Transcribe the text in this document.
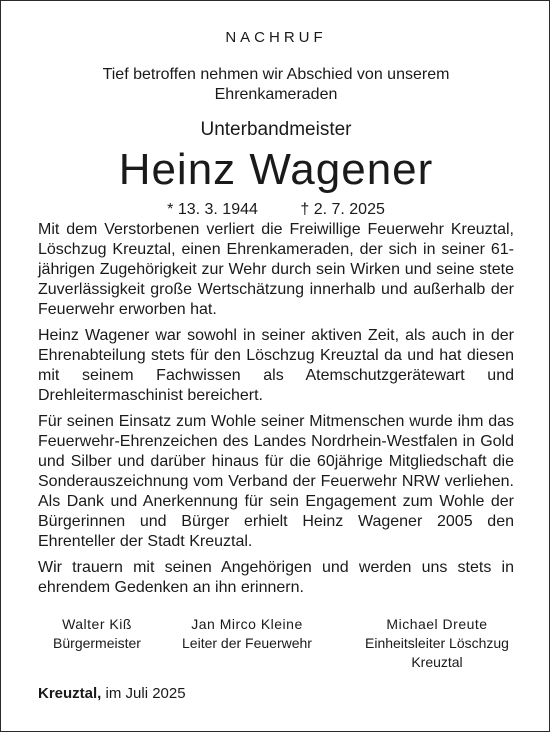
NACHRUF
Tief betroffen nehmen wir Abschied von unserem Ehrenkameraden
Unterbandmeister
Heinz Wagener
* 13. 3. 1944	† 2. 7. 2025

Mit dem Verstorbenen verliert die Freiwillige Feuerwehr Kreuztal, Löschzug Kreuztal, einen Ehrenkameraden, der sich in seiner 61-jährigen Zugehörigkeit zur Wehr durch sein Wirken und seine stete Zuverlässigkeit große Wertschätzung innerhalb und außerhalb der Feuerwehr erworben hat.

Heinz Wagener war sowohl in seiner aktiven Zeit, als auch in der Ehrenabteilung stets für den Löschzug Kreuztal da und hat diesen mit seinem Fachwissen als Atemschutzgerätewart und Drehleitermaschinist bereichert.

Für seinen Einsatz zum Wohle seiner Mitmenschen wurde ihm das Feuerwehr-Ehrenzeichen des Landes Nordrhein-Westfalen in Gold und Silber und darüber hinaus für die 60jährige Mitgliedschaft die Sonderauszeichnung vom Verband der Feuerwehr NRW verliehen. Als Dank und Anerkennung für sein Engagement zum Wohle der Bürgerinnen und Bürger erhielt Heinz Wagener 2005 den Ehrenteller der Stadt Kreuztal.

Wir trauern mit seinen Angehörigen und werden uns stets in ehrendem Gedenken an ihn erinnern.

Walter Kiß
Bürgermeister
Jan Mirco Kleine
Leiter der Feuerwehr
Michael Dreute
Einheitsleiter Löschzug Kreuztal
Kreuztal, im Juli 2025
